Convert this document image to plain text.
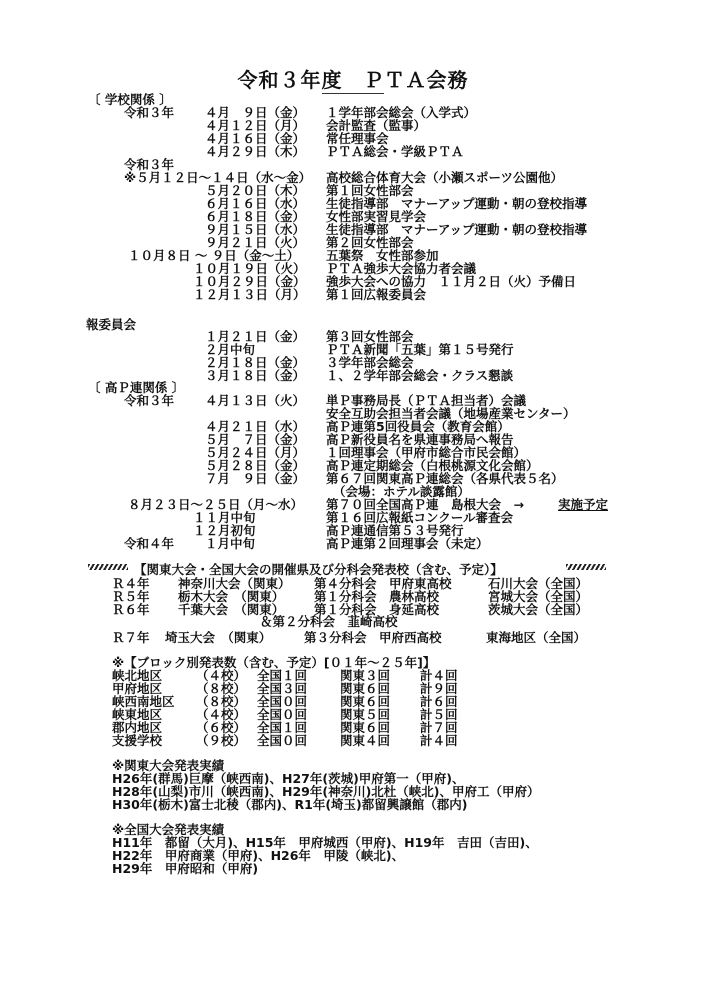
令和３年度　ＰＴＡ会務
〔 学校関係 〕
令和３年 ４月　９日（金） １学年部会総会（入学式）
４月１２日（月） 会計監査（監事）
４月１６日（金） 常任理事会
４月２９日（木） ＰＴＡ総会・学級ＰＴＡ
令和３年
※５月１２日～１４日（水～金） 高校総合体育大会（小瀬スポーツ公園他）
５月２０日（木） 第１回女性部会
６月１６日（水） 生徒指導部　マナーアップ運動・朝の登校指導
６月１８日（金） 女性部実習見学会
９月１５日（水） 生徒指導部　マナーアップ運動・朝の登校指導
９月２１日（火） 第２回女性部会
１０月８日 ～ ９日（金～土） 五葉祭　女性部参加
１０月１９日（火） ＰＴＡ強歩大会協力者会議
１０月２９日（金） 強歩大会への協力　１１月２日（火）予備日
１２月１３日（月） 第１回広報委員会
報委員会
１月２１日（金） 第３回女性部会
２月中旬	ＰＴＡ新聞「五葉」第１５号発行
２月１８日（金） ３学年部会総会
３月１８日（金） １、２学年部会総会・クラス懇談
〔 高Ｐ連関係 〕
令和３年 ４月１３日（火） 単Ｐ事務局長（ＰＴＡ担当者）会議
安全互助会担当者会議（地場産業センター）
４月２１日（水） 高Ｐ連第5回役員会（教育会館）
５月　７日（金） 高Ｐ新役員名を県連事務局へ報告
５月２４日（月） １回理事会（甲府市総合市民会館）
５月２８日（金） 高Ｐ連定期総会（白根桃源文化会館）
７月　９日（金） 第６７回関東高Ｐ連総会（各県代表５名）
（会場：ホテル談露館）
８月２３日～２５日（月～水） 第７０回全国高Ｐ連　島根大会　→	実施予定
１１月中旬	第１６回広報紙コンクール審査会
１２月初旬	高Ｐ連通信第５３号発行
令和４年 １月中旬	高Ｐ連第２回理事会（未定）
【関東大会・全国大会の開催県及び分科会発表校（含む、予定）】
Ｒ４年 神奈川大会（関東） 第４分科会　甲府東高校	石川大会（全国）
Ｒ５年 栃木大会　（関東） 第１分科会　農林高校	宮城大会（全国）
Ｒ６年 千葉大会　（関東） 第１分科会　身延高校	茨城大会（全国）
＆第２分科会　韮崎高校
Ｒ７年 埼玉大会　（関東）	第３分科会　甲府西高校	東海地区（全国）
※【ブロック別発表数（含む、予定）[０１年～２５年]】
峡北地区	（４校） 全国１回	関東３回 計４回
甲府地区	（８校） 全国３回	関東６回 計９回
峡西南地区 （８校） 全国０回	関東６回 計６回
峡東地区	（４校） 全国０回	関東５回 計５回
郡内地区	（６校） 全国１回	関東６回 計７回
支援学校	（９校） 全国０回	関東４回 計４回
※関東大会発表実績
H26年(群馬)巨摩（峡西南)、H27年(茨城)甲府第一（甲府)、
H28年(山梨)市川（峡西南)、H29年(神奈川)北杜（峡北)、甲府工（甲府）
H30年(栃木)富士北稜（郡内)、R1年(埼玉)都留興譲館（郡内)
※全国大会発表実績
H11年　都留（大月)、H15年　甲府城西（甲府)、H19年　吉田（吉田)、
H22年　甲府商業（甲府)、H26年　甲陵（峡北)、
H29年　甲府昭和（甲府)
